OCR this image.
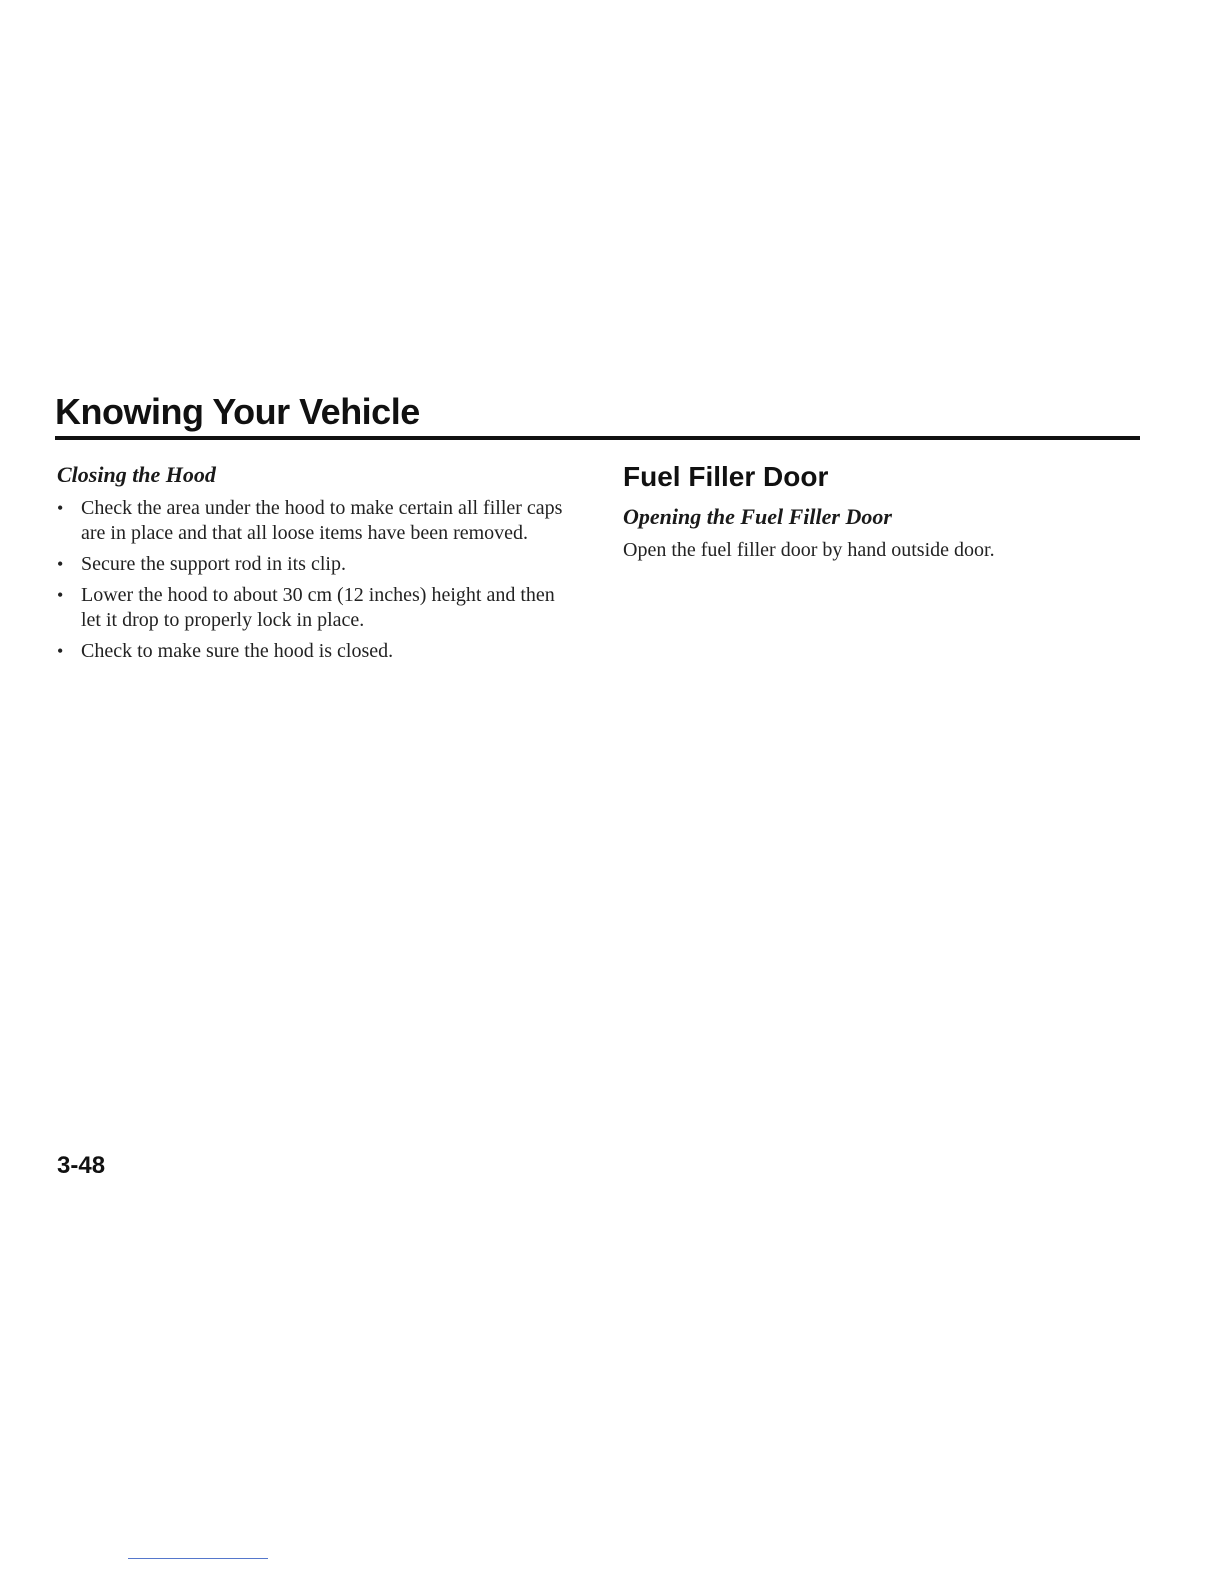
Knowing Your Vehicle
Closing the Hood
• Check the area under the hood to make certain all filler caps are in place and that all loose items have been removed.
• Secure the support rod in its clip.
• Lower the hood to about 30 cm (12 inches) height and then let it drop to properly lock in place.
• Check to make sure the hood is closed.
Fuel Filler Door
Opening the Fuel Filler Door

Open the fuel filler door by hand outside door.

3-48
